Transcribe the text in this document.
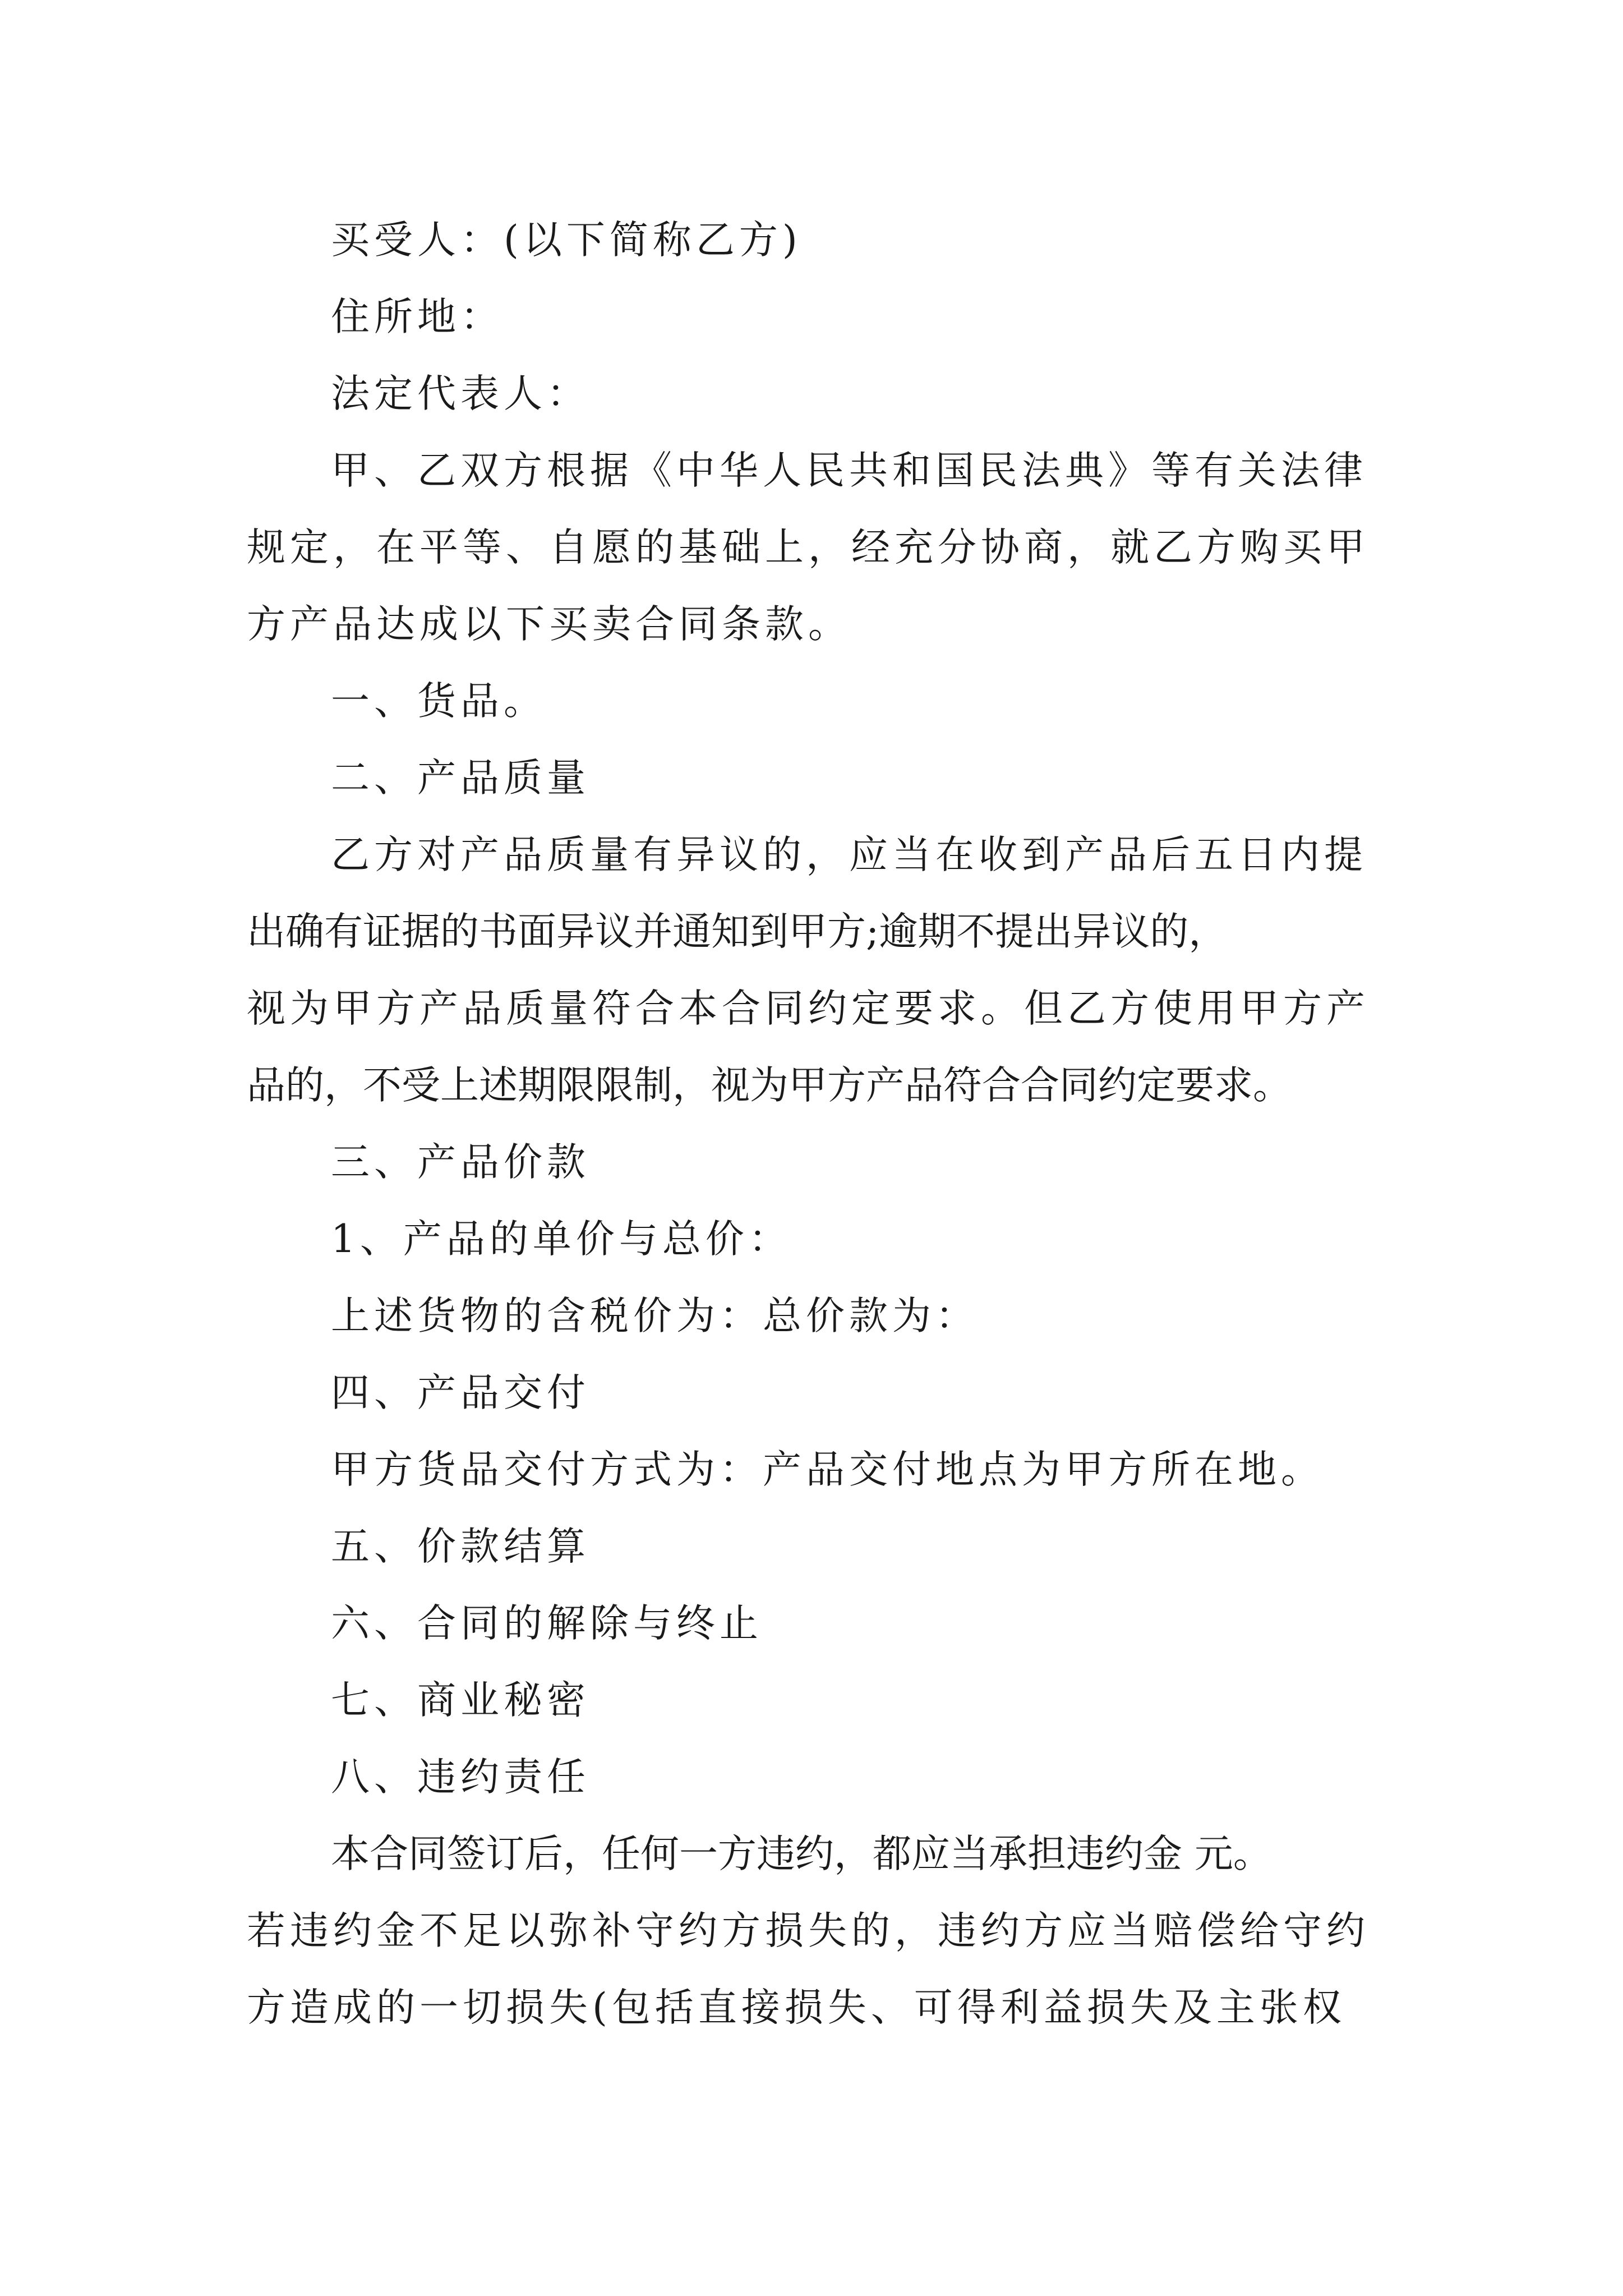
买受人：(以下简称乙方)
住所地：
法定代表人：
甲、乙双方根据《中华人民共和国民法典》等有关法律
规定，在平等、自愿的基础上，经充分协商，就乙方购买甲
方产品达成以下买卖合同条款。
一、货品。
二、产品质量
乙方对产品质量有异议的，应当在收到产品后五日内提
出确有证据的书面异议并通知到甲方;逾期不提出异议的，
视为甲方产品质量符合本合同约定要求。但乙方使用甲方产
品的，不受上述期限限制，视为甲方产品符合合同约定要求。
三、产品价款
1、产品的单价与总价：
上述货物的含税价为：总价款为：
四、产品交付
甲方货品交付方式为：产品交付地点为甲方所在地。
五、价款结算
六、合同的解除与终止
七、商业秘密
八、违约责任
本合同签订后，任何一方违约，都应当承担违约金 元。
若违约金不足以弥补守约方损失的，违约方应当赔偿给守约
方造成的一切损失(包括直接损失、可得利益损失及主张权
